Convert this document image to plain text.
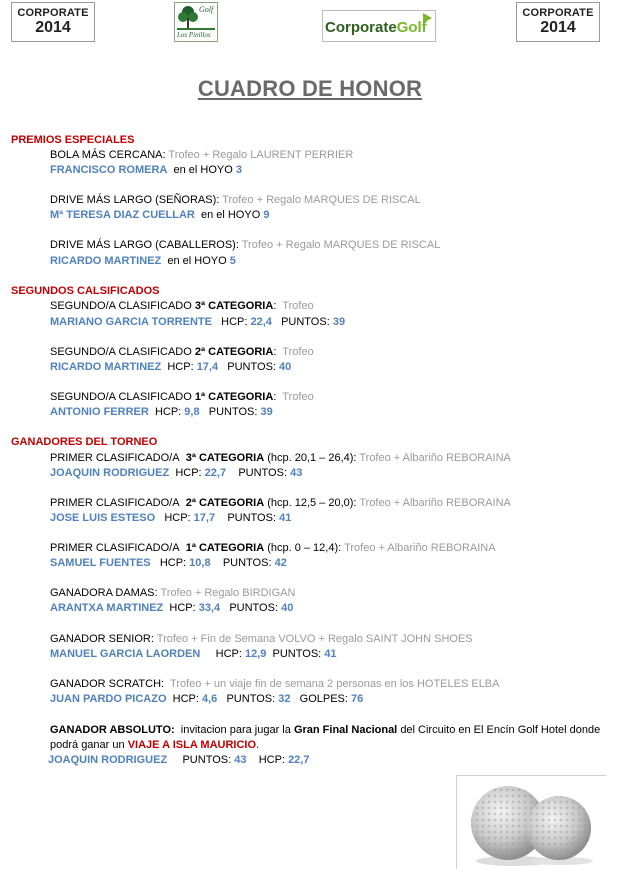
CORPORATE
2014
Golf
Los Pinillos	CorporateGolf
CORPORATE
2014
CUADRO DE HONOR
PREMIOS ESPECIALES
BOLA MÁS CERCANA: Trofeo + Regalo LAURENT PERRIER
FRANCISCO ROMERA en el HOYO 3
DRIVE MÁS LARGO (SEÑORAS): Trofeo + Regalo MARQUES DE RISCAL
Mª TERESA DIAZ CUELLAR en el HOYO 9
DRIVE MÁS LARGO (CABALLEROS): Trofeo + Regalo MARQUES DE RISCAL
RICARDO MARTINEZ en el HOYO 5
SEGUNDOS CALSIFICADOS
SEGUNDO/A CLASIFICADO 3ª CATEGORIA: Trofeo
MARIANO GARCIA TORRENTE HCP: 22,4 PUNTOS: 39
SEGUNDO/A CLASIFICADO 2ª CATEGORIA: Trofeo
RICARDO MARTINEZ HCP: 17,4 PUNTOS: 40
SEGUNDO/A CLASIFICADO 1ª CATEGORIA: Trofeo
ANTONIO FERRER HCP: 9,8 PUNTOS: 39
GANADORES DEL TORNEO
PRIMER CLASIFICADO/A 3ª CATEGORIA (hcp. 20,1 – 26,4): Trofeo + Albariño REBORAINA
JOAQUIN RODRIGUEZ HCP: 22,7 PUNTOS: 43
PRIMER CLASIFICADO/A 2ª CATEGORIA (hcp. 12,5 – 20,0): Trofeo + Albariño REBORAINA
JOSE LUIS ESTESO HCP: 17,7 PUNTOS: 41
PRIMER CLASIFICADO/A 1ª CATEGORIA (hcp. 0 – 12,4): Trofeo + Albariño REBORAINA
SAMUEL FUENTES HCP: 10,8 PUNTOS: 42
GANADORA DAMAS: Trofeo + Regalo BIRDIGAN
ARANTXA MARTINEZ HCP: 33,4 PUNTOS: 40
GANADOR SENIOR: Trofeo + Fin de Semana VOLVO + Regalo SAINT JOHN SHOES
MANUEL GARCIA LAORDEN HCP: 12,9 PUNTOS: 41
GANADOR SCRATCH: Trofeo + un viaje fin de semana 2 personas en los HOTELES ELBA
JUAN PARDO PICAZO HCP: 4,6 PUNTOS: 32 GOLPES: 76
GANADOR ABSOLUTO: invitacion para jugar la Gran Final Nacional del Circuito en El Encín Golf Hotel donde
podrá ganar un VIAJE A ISLA MAURICIO.
JOAQUIN RODRIGUEZ PUNTOS: 43 HCP: 22,7
